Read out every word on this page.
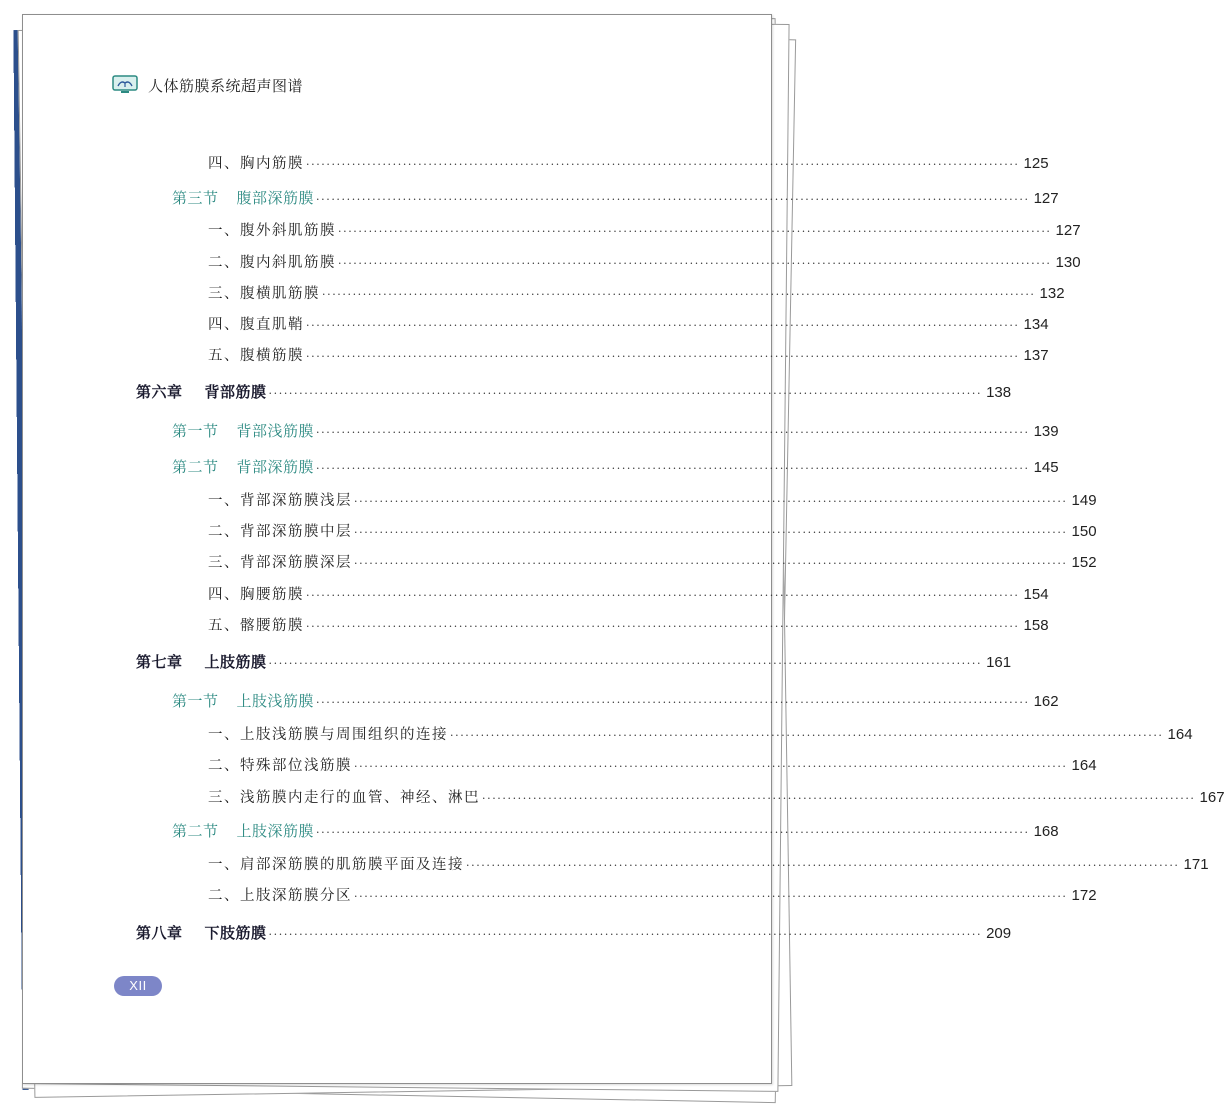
人体筋膜系统超声图谱
四、胸内筋膜 ············································································································································ 125
第三节 腹部深筋膜 ············································································································································ 127
一、腹外斜肌筋膜 ············································································································································ 127
二、腹内斜肌筋膜 ············································································································································ 130
三、腹横肌筋膜 ············································································································································ 132
四、腹直肌鞘 ············································································································································ 134
五、腹横筋膜 ············································································································································ 137
第六章 背部筋膜 ············································································································································ 138
第一节 背部浅筋膜 ············································································································································ 139
第二节 背部深筋膜 ············································································································································ 145
一、背部深筋膜浅层 ············································································································································ 149
二、背部深筋膜中层 ············································································································································ 150
三、背部深筋膜深层 ············································································································································ 152
四、胸腰筋膜 ············································································································································ 154
五、髂腰筋膜 ············································································································································ 158
第七章 上肢筋膜 ············································································································································ 161
第一节 上肢浅筋膜 ············································································································································ 162
一、上肢浅筋膜与周围组织的连接 ············································································································································ 164
二、特殊部位浅筋膜 ············································································································································ 164
三、浅筋膜内走行的血管、神经、淋巴 ············································································································································ 167
第二节 上肢深筋膜 ············································································································································ 168
一、肩部深筋膜的肌筋膜平面及连接 ············································································································································ 171
二、上肢深筋膜分区 ············································································································································ 172
第八章 下肢筋膜 ············································································································································ 209
XII
